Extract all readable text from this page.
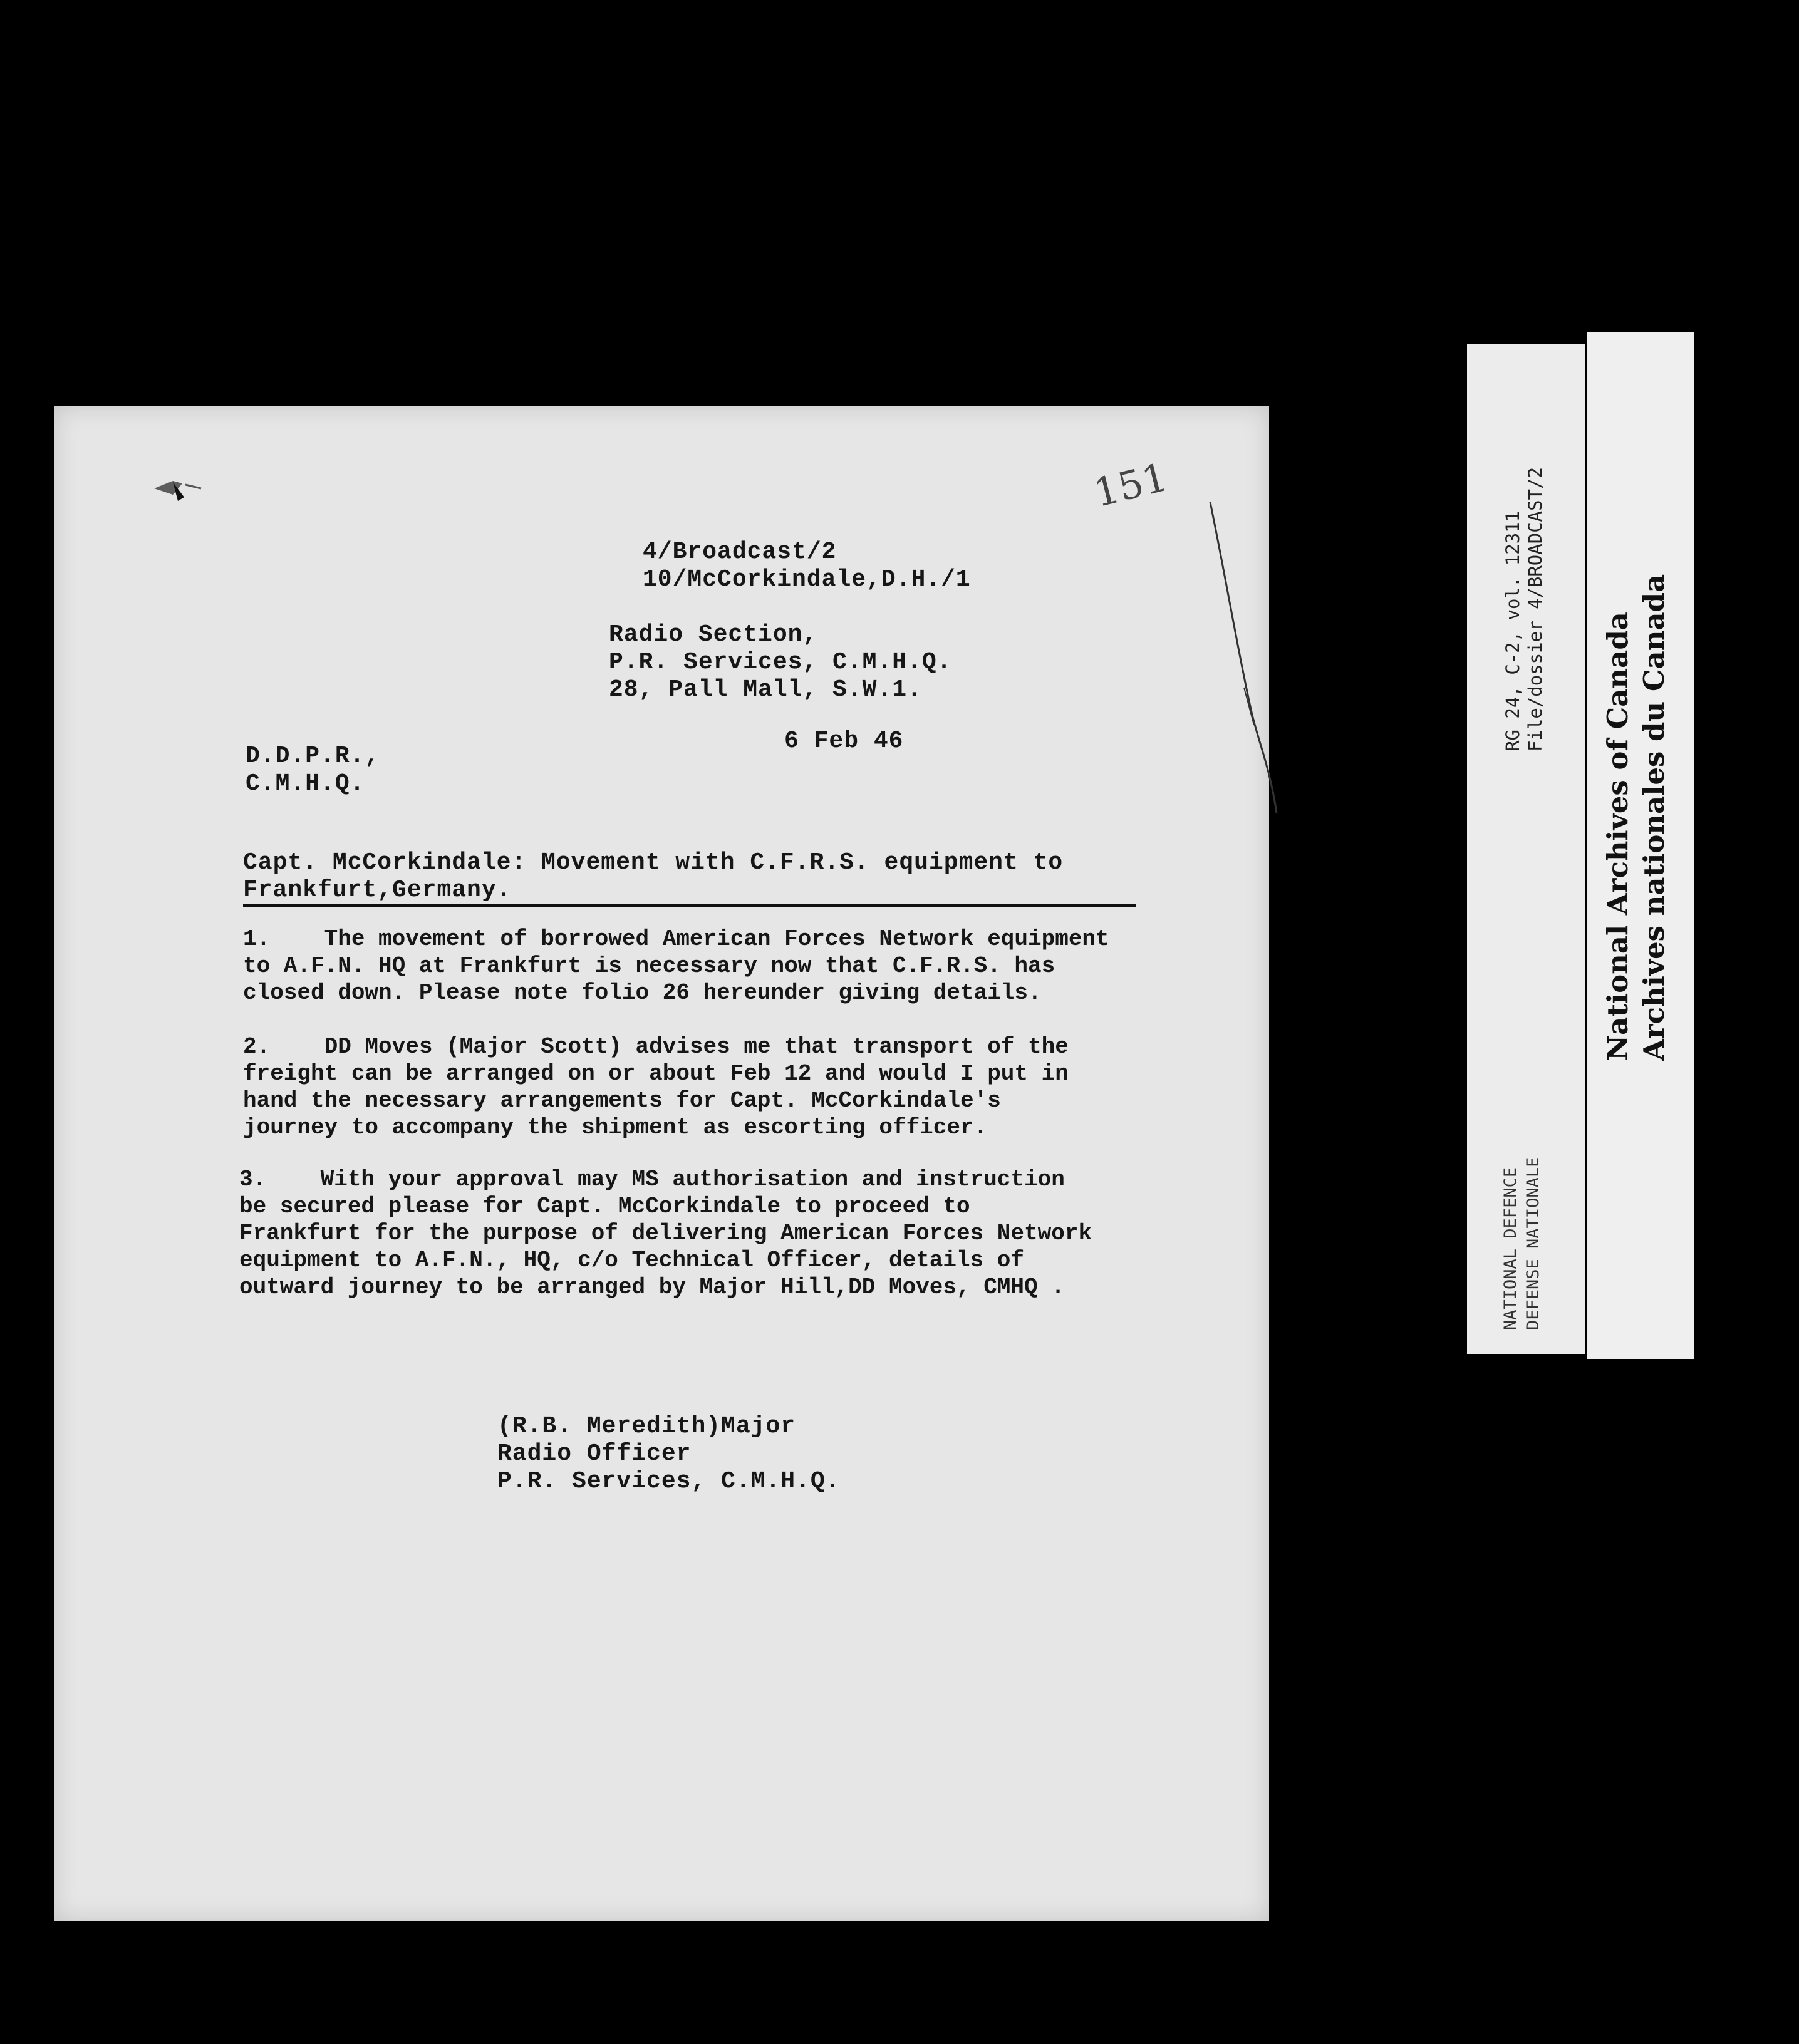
151
4/Broadcast/2
10/McCorkindale,D.H./1
Radio Section,
P.R. Services, C.M.H.Q.
28, Pall Mall, S.W.1.
6 Feb 46
D.D.P.R.,
C.M.H.Q.
Capt. McCorkindale: Movement with C.F.R.S. equipment to
Frankfurt,Germany.
1.    The movement of borrowed American Forces Network equipment
to A.F.N. HQ at Frankfurt is necessary now that C.F.R.S. has
closed down. Please note folio 26 hereunder giving details.
2.    DD Moves (Major Scott) advises me that transport of the
freight can be arranged on or about Feb 12 and would I put in
hand the necessary arrangements for Capt. McCorkindale's
journey to accompany the shipment as escorting officer.
3.    With your approval may MS authorisation and instruction
be secured please for Capt. McCorkindale to proceed to
Frankfurt for the purpose of delivering American Forces Network
equipment to A.F.N., HQ, c/o Technical Officer, details of
outward journey to be arranged by Major Hill,DD Moves, CMHQ .
(R.B. Meredith)Major
Radio Officer
P.R. Services, C.M.H.Q.
RG 24, C-2, vol. 12311 File/dossier 4/BROADCAST/2
NATIONAL DEFENCE DEFENSE NATIONALE
National Archives of Canada Archives nationales du Canada
